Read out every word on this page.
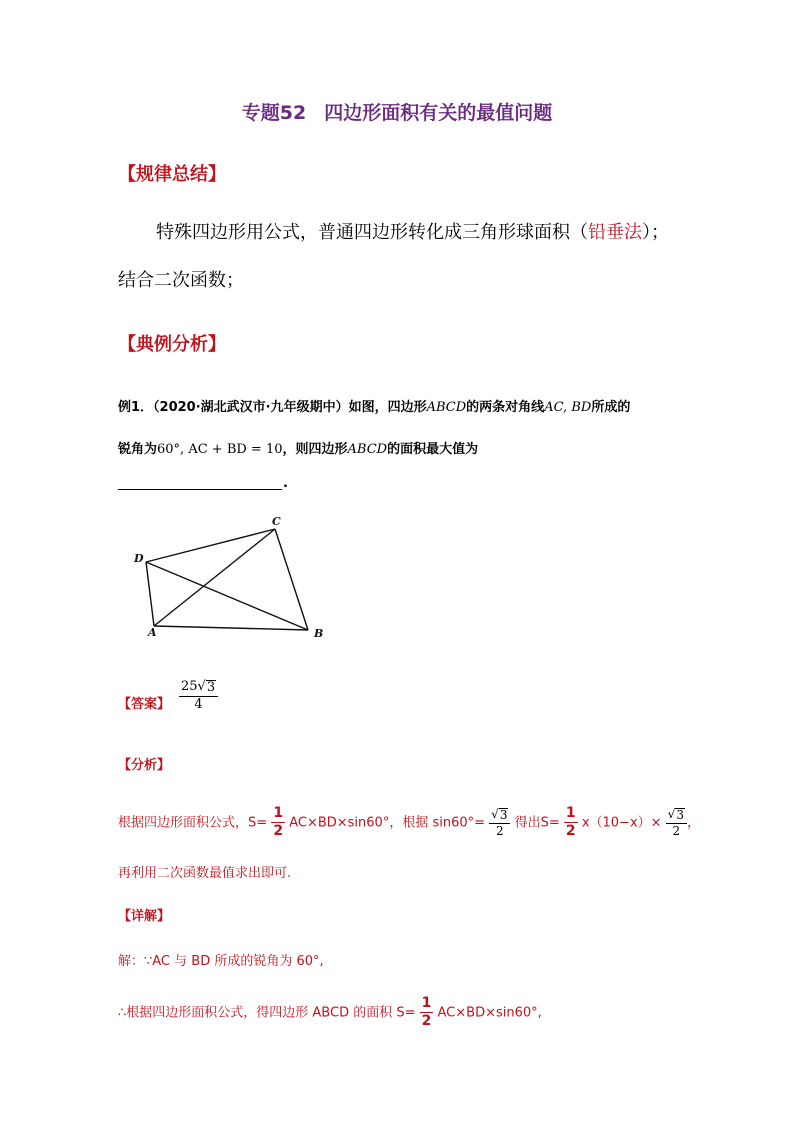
专题52 四边形面积有关的最值问题
【规律总结】
特殊四边形用公式，普通四边形转化成三角形球面积（铅垂法）；
结合二次函数；
【典例分析】
例1．（2020·湖北武汉市·九年级期中）如图，四边形ABCD的两条对角线AC, BD所成的
锐角为60°, AC + BD = 10，则四边形ABCD的面积最大值为
.
A	B
C
D
【答案】 $\frac{25 √ 3}{4}$
【分析】
根据四边形面积公式，$S= \frac{1}{2} AC\times BD\times\sin 60^\circ$，根据 $\sin 60^\circ= \frac{√ 3}{2}$ 得出$S= \frac{1}{2} x(10-x)\times \frac{√ 3}{2}$ ，
再利用二次函数最值求出即可.
【详解】
解：∵AC 与 BD 所成的锐角为 60°,
∴根据四边形面积公式，得四边形 ABCD 的面积 $S= \frac{1}{2} AC\times BD\times\sin 60^\circ$,
